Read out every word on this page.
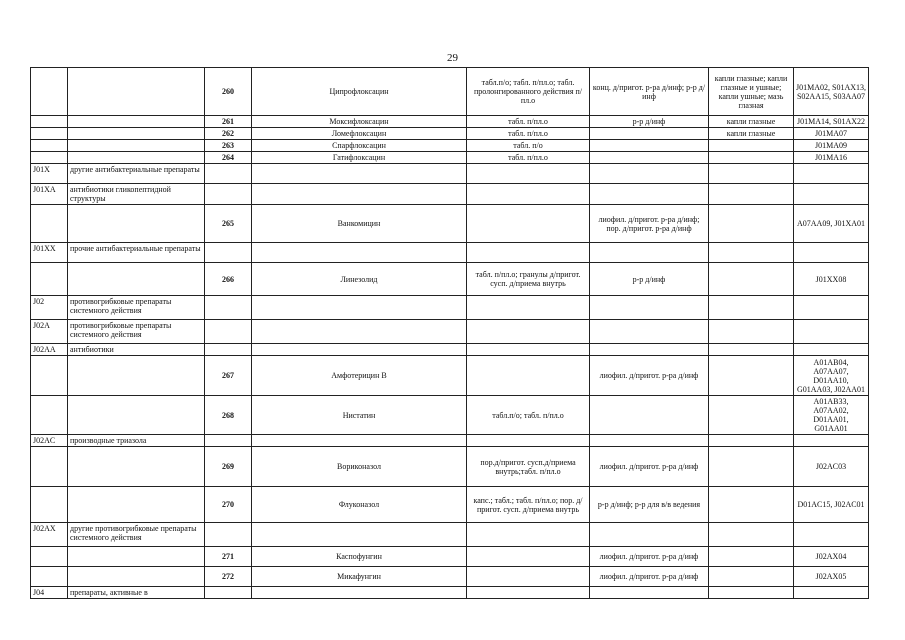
29
		260	Ципрофлоксацин	табл.п/о; табл. п/пл.о; табл. пролонгированного действия п/пл.о	конц. д/пригот. р-ра д/инф; р-р д/инф	капли глазные; капли глазные и ушные; капли ушные; мазь глазная	J01MA02, S01AX13, S02AA15, S03AA07
		261	Моксифлоксацин	табл. п/пл.о	р-р д/инф	капли глазные	J01MA14, S01AX22
		262	Ломефлоксацин	табл. п/пл.о		капли глазные	J01MA07
		263	Спарфлоксацин	табл. п/о			J01MA09
		264	Гатифлоксацин	табл. п/пл.о			J01MA16
J01X	другие антибактериальные препараты						
J01XA	антибиотики гликопептидной структуры						
		265	Ванкомицин		лиофил. д/пригот. р-ра д/инф; пор. д/пригот. р-ра д/инф		A07AA09, J01XA01
J01XX	прочие антибактериальные препараты						
		266	Линезолид	табл. п/пл.о; гранулы д/пригот. сусп. д/приема внутрь	р-р д/инф		J01XX08
J02	противогрибковые препараты системного действия						
J02A	противогрибковые препараты системного действия						
J02AA	антибиотики						
		267	Амфотерицин В		лиофил. д/пригот. р-ра д/инф		A01AB04, A07AA07, D01AA10, G01AA03, J02AA01
		268	Нистатин	табл.п/о; табл. п/пл.о			A01AB33, A07AA02, D01AA01, G01AA01
J02AC	производные триазола						
		269	Вориконазол	пор.д/пригот. сусп.д/приема внутрь;табл. п/пл.о	лиофил. д/пригот. р-ра д/инф		J02AC03
		270	Флуконазол	капс.; табл.; табл. п/пл.о; пор. д/пригот. сусп. д/приема внутрь	р-р д/инф; р-р для в/в ведения		D01AC15, J02AC01
J02AX	другие противогрибковые препараты системного действия						
		271	Каспофунгин		лиофил. д/пригот. р-ра д/инф		J02AX04
		272	Микафунгин		лиофил. д/пригот. р-ра д/инф		J02AX05
J04	препараты, активные в						
